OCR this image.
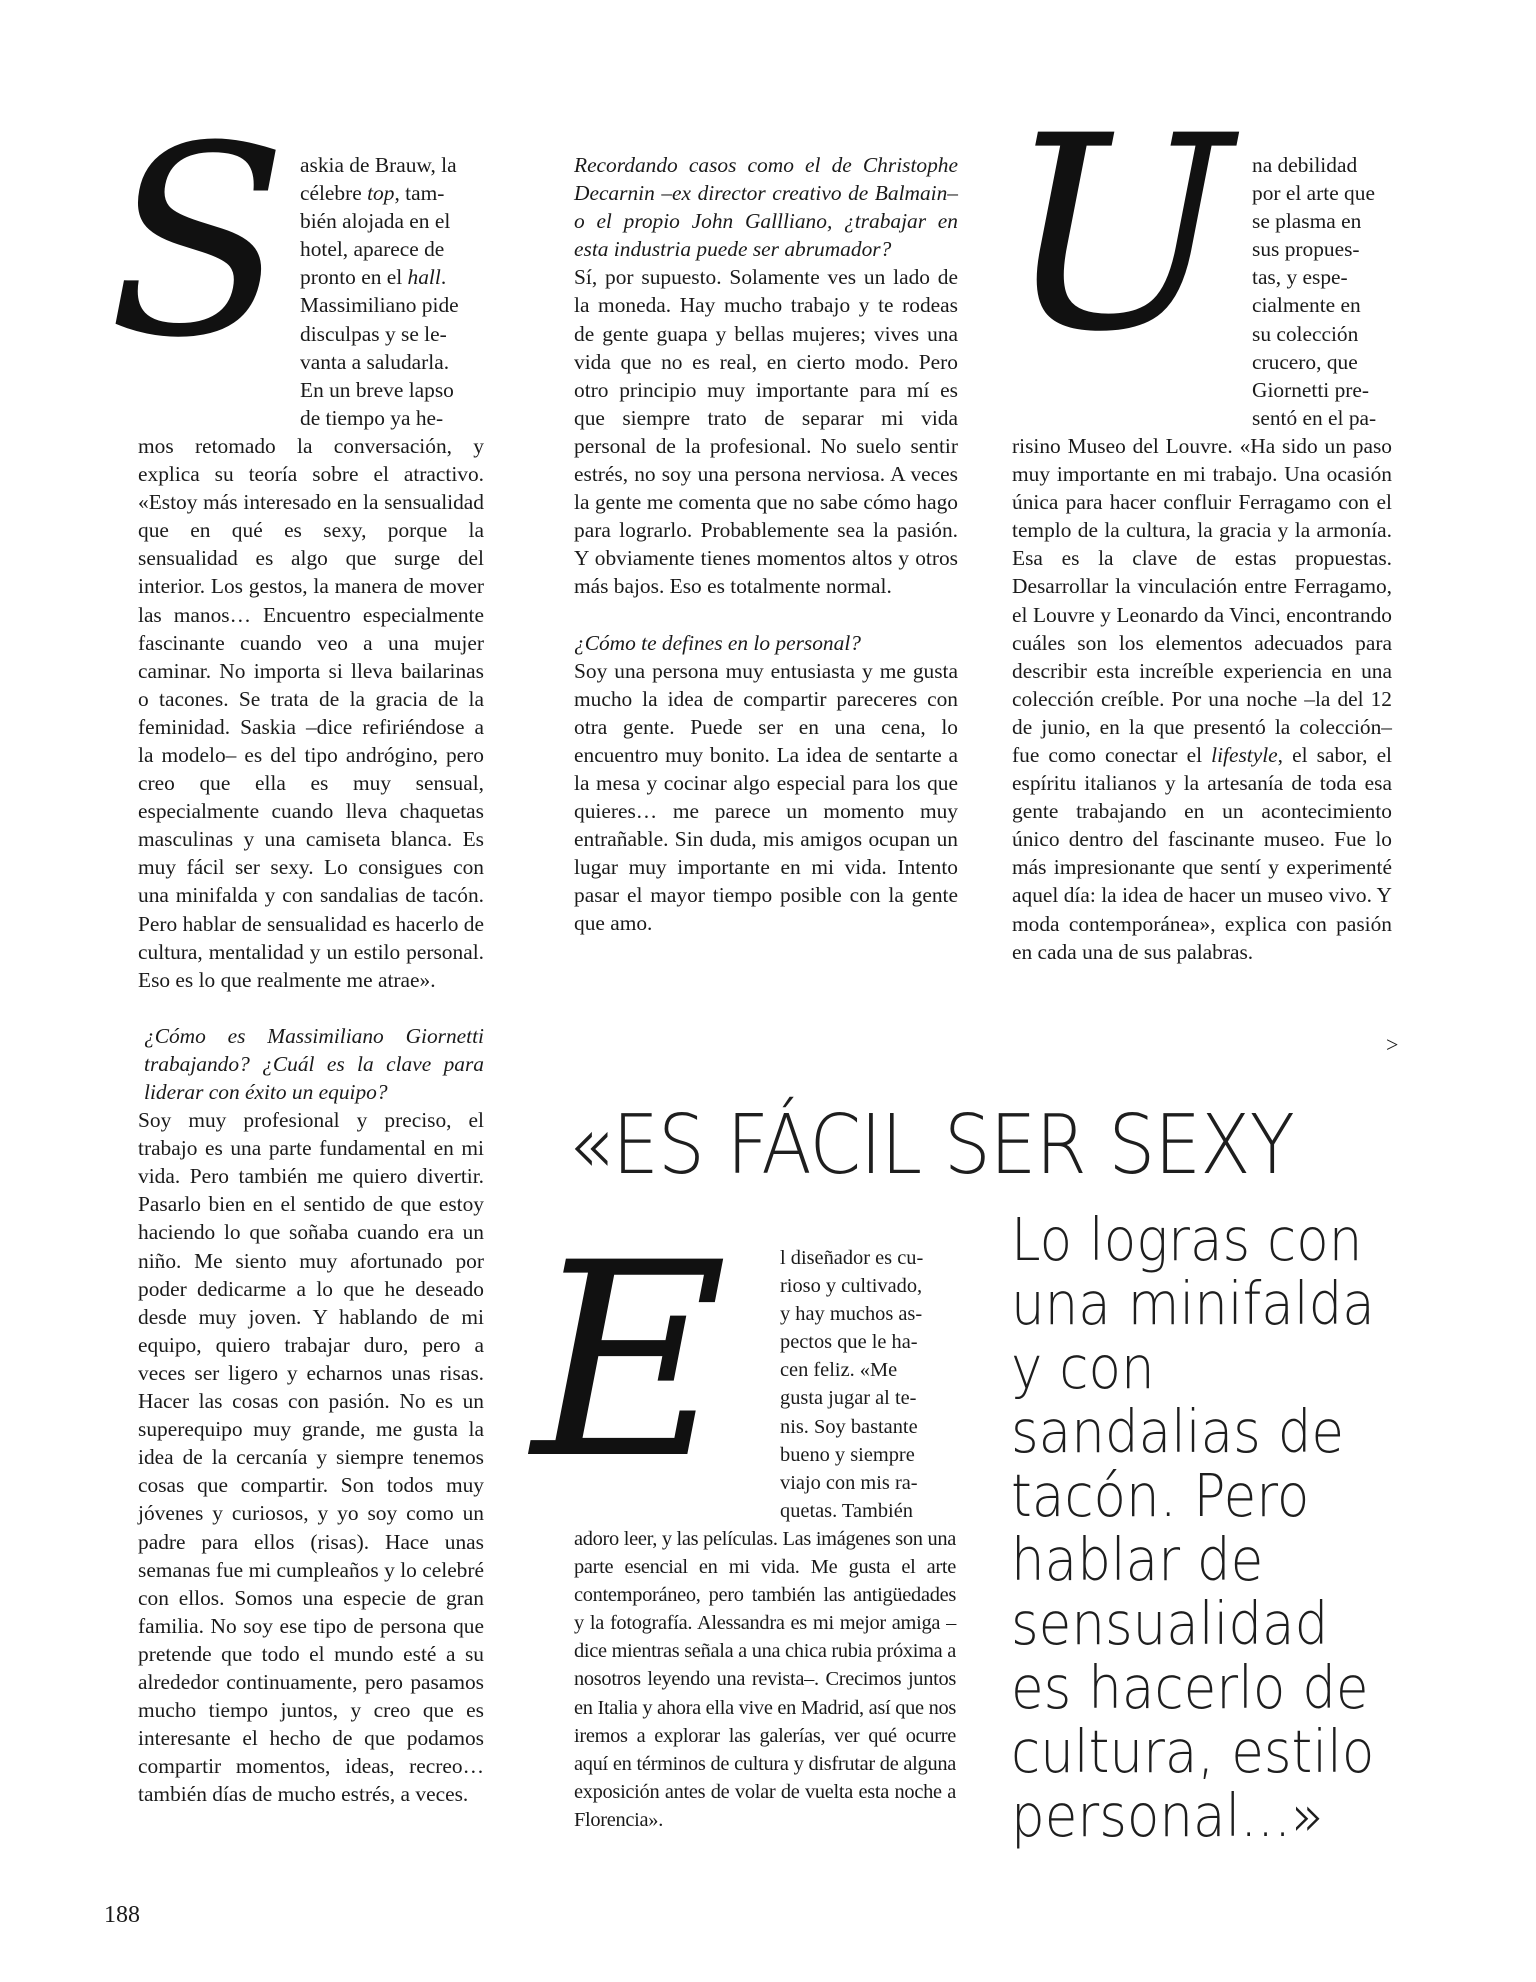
S askia de Brauw, la
célebre top, tam-
bién alojada en el
hotel, aparece de
pronto en el hall.
Massimiliano pide
disculpas y se le-
vanta a saludarla.
En un breve lapso
de tiempo ya he-

mos retomado la conversación, y explica su teoría sobre el atractivo. «Estoy más interesado en la sensualidad que en qué es sexy, porque la sensualidad es algo que surge del interior. Los gestos, la manera de mover las manos… Encuentro especialmente fascinante cuando veo a una mujer caminar. No importa si lleva bailarinas o tacones. Se trata de la gracia de la feminidad. Saskia –dice refiriéndose a la modelo– es del tipo andrógino, pero creo que ella es muy sensual, especialmente cuando lleva chaquetas masculinas y una camiseta blanca. Es muy fácil ser sexy. Lo consigues con una minifalda y con sandalias de tacón. Pero hablar de sensualidad es hacerlo de cultura, mentalidad y un estilo personal. Eso es lo que realmente me atrae».

¿Cómo es Massimiliano Giornetti trabajando? ¿Cuál es la clave para liderar con éxito un equipo?

Soy muy profesional y preciso, el trabajo es una parte fundamental en mi vida. Pero también me quiero divertir. Pasarlo bien en el sentido de que estoy haciendo lo que soñaba cuando era un niño. Me siento muy afortunado por poder dedicarme a lo que he deseado desde muy joven. Y hablando de mi equipo, quiero trabajar duro, pero a veces ser ligero y echarnos unas risas. Hacer las cosas con pasión. No es un superequipo muy grande, me gusta la idea de la cercanía y siempre tenemos cosas que compartir. Son todos muy jóvenes y curiosos, y yo soy como un padre para ellos (risas). Hace unas semanas fue mi cumpleaños y lo celebré con ellos. Somos una especie de gran familia. No soy ese tipo de persona que pretende que todo el mundo esté a su alrededor continuamente, pero pasamos mucho tiempo juntos, y creo que es interesante el hecho de que podamos compartir momentos, ideas, recreo… también días de mucho estrés, a veces.

Recordando casos como el de Christophe Decarnin –ex director creativo de Balmain– o el propio John Gallliano, ¿trabajar en esta industria puede ser abrumador?

Sí, por supuesto. Solamente ves un lado de la moneda. Hay mucho trabajo y te rodeas de gente guapa y bellas mujeres; vives una vida que no es real, en cierto modo. Pero otro principio muy importante para mí es que siempre trato de separar mi vida personal de la profesional. No suelo sentir estrés, no soy una persona nerviosa. A veces la gente me comenta que no sabe cómo hago para lograrlo. Probablemente sea la pasión. Y obviamente tienes momentos altos y otros más bajos. Eso es totalmente normal.

¿Cómo te defines en lo personal?

Soy una persona muy entusiasta y me gusta mucho la idea de compartir pareceres con otra gente. Puede ser en una cena, lo encuentro muy bonito. La idea de sentarte a la mesa y cocinar algo especial para los que quieres… me parece un momento muy entrañable. Sin duda, mis amigos ocupan un lugar muy importante en mi vida. Intento pasar el mayor tiempo posible con la gente que amo.

U na debilidad
por el arte que
se plasma en
sus propues-
tas, y espe-
cialmente en
su colección
crucero, que
Giornetti pre-
sentó en el pa-

risino Museo del Louvre. «Ha sido un paso muy importante en mi trabajo. Una ocasión única para hacer confluir Ferragamo con el templo de la cultura, la gracia y la armonía. Esa es la clave de estas propuestas. Desarrollar la vinculación entre Ferragamo, el Louvre y Leonardo da Vinci, encontrando cuáles son los elementos adecuados para describir esta increíble experiencia en una colección creíble. Por una noche –la del 12 de junio, en la que presentó la colección– fue como conectar el lifestyle, el sabor, el espíritu italianos y la artesanía de toda esa gente trabajando en un acontecimiento único dentro del fascinante museo. Fue lo más impresionante que sentí y experimenté aquel día: la idea de hacer un museo vivo. Y moda contemporánea», explica con pasión en cada una de sus palabras.

>
«ES FÁCIL SER SEXY
E	l diseñador es cu-
rioso y cultivado,
y hay muchos as-
pectos que le ha-
cen feliz. «Me
gusta jugar al te-
nis. Soy bastante
bueno y siempre
viajo con mis ra-
quetas. También

adoro leer, y las películas. Las imágenes son una parte esencial en mi vida. Me gusta el arte contemporáneo, pero también las antigüedades y la fotografía. Alessandra es mi mejor amiga –dice mientras señala a una chica rubia próxima a nosotros leyendo una revista–. Crecimos juntos en Italia y ahora ella vive en Madrid, así que nos iremos a explorar las galerías, ver qué ocurre aquí en términos de cultura y disfrutar de alguna exposición antes de volar de vuelta esta noche a Florencia».

Lo logras con una minifalda y con sandalias de tacón. Pero hablar de sensualidad es hacerlo de cultura, estilo personal...»
188
